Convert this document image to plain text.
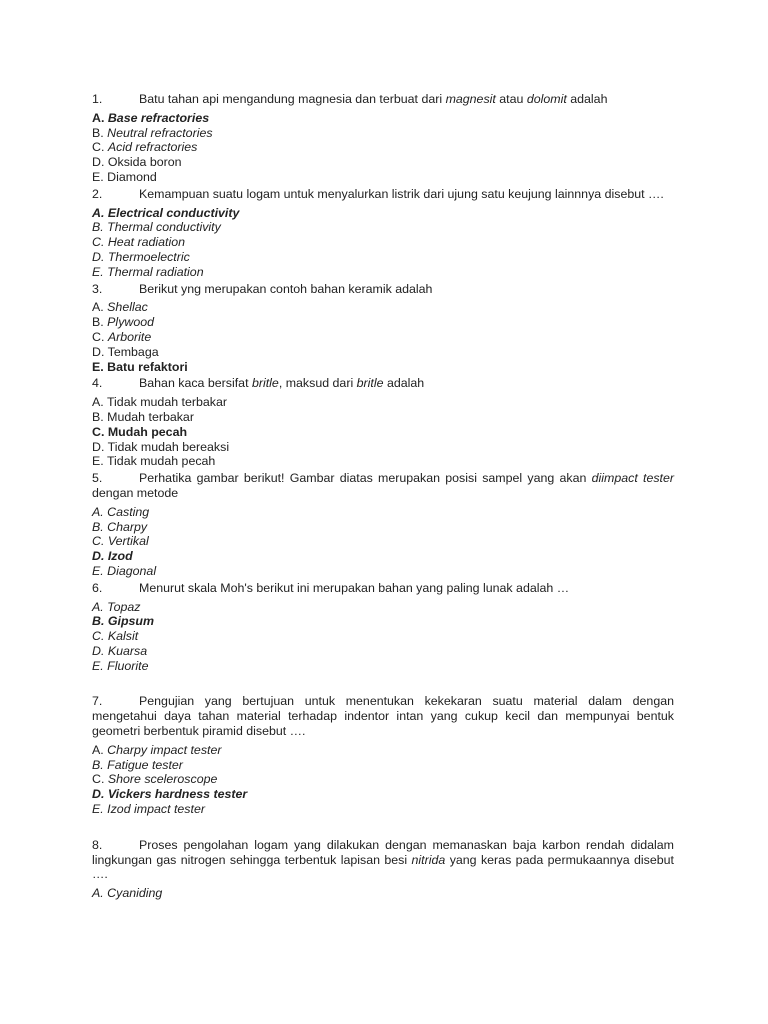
1.	Batu tahan api mengandung magnesia dan terbuat dari magnesit atau dolomit adalah

A. Base refractories

B. Neutral refractories

C. Acid refractories

D. Oksida boron

E. Diamond

2.	Kemampuan suatu logam untuk menyalurkan listrik dari ujung satu keujung lainnnya disebut ….

A. Electrical conductivity

B. Thermal conductivity

C. Heat radiation

D. Thermoelectric

E. Thermal radiation

3.	Berikut yng merupakan contoh bahan keramik adalah

A. Shellac

B. Plywood

C. Arborite

D. Tembaga

E. Batu refaktori

4.	Bahan kaca bersifat britle, maksud dari britle adalah

A. Tidak mudah terbakar

B. Mudah terbakar

C. Mudah pecah

D. Tidak mudah bereaksi

E. Tidak mudah pecah

5.	Perhatika gambar berikut! Gambar diatas merupakan posisi sampel yang akan diimpact tester dengan metode

A. Casting

B. Charpy

C. Vertikal

D. Izod

E. Diagonal

6.	Menurut skala Moh's berikut ini merupakan bahan yang paling lunak adalah …

A. Topaz

B. Gipsum

C. Kalsit

D. Kuarsa

E. Fluorite

7.	Pengujian yang bertujuan untuk menentukan kekekaran suatu material dalam dengan mengetahui daya tahan material terhadap indentor intan yang cukup kecil dan mempunyai bentuk geometri berbentuk piramid disebut ….

A. Charpy impact tester

B. Fatigue tester

C. Shore sceleroscope

D. Vickers hardness tester

E. Izod impact tester

8.	Proses pengolahan logam yang dilakukan dengan memanaskan baja karbon rendah didalam lingkungan gas nitrogen sehingga terbentuk lapisan besi nitrida yang keras pada permukaannya disebut ….

A. Cyaniding
